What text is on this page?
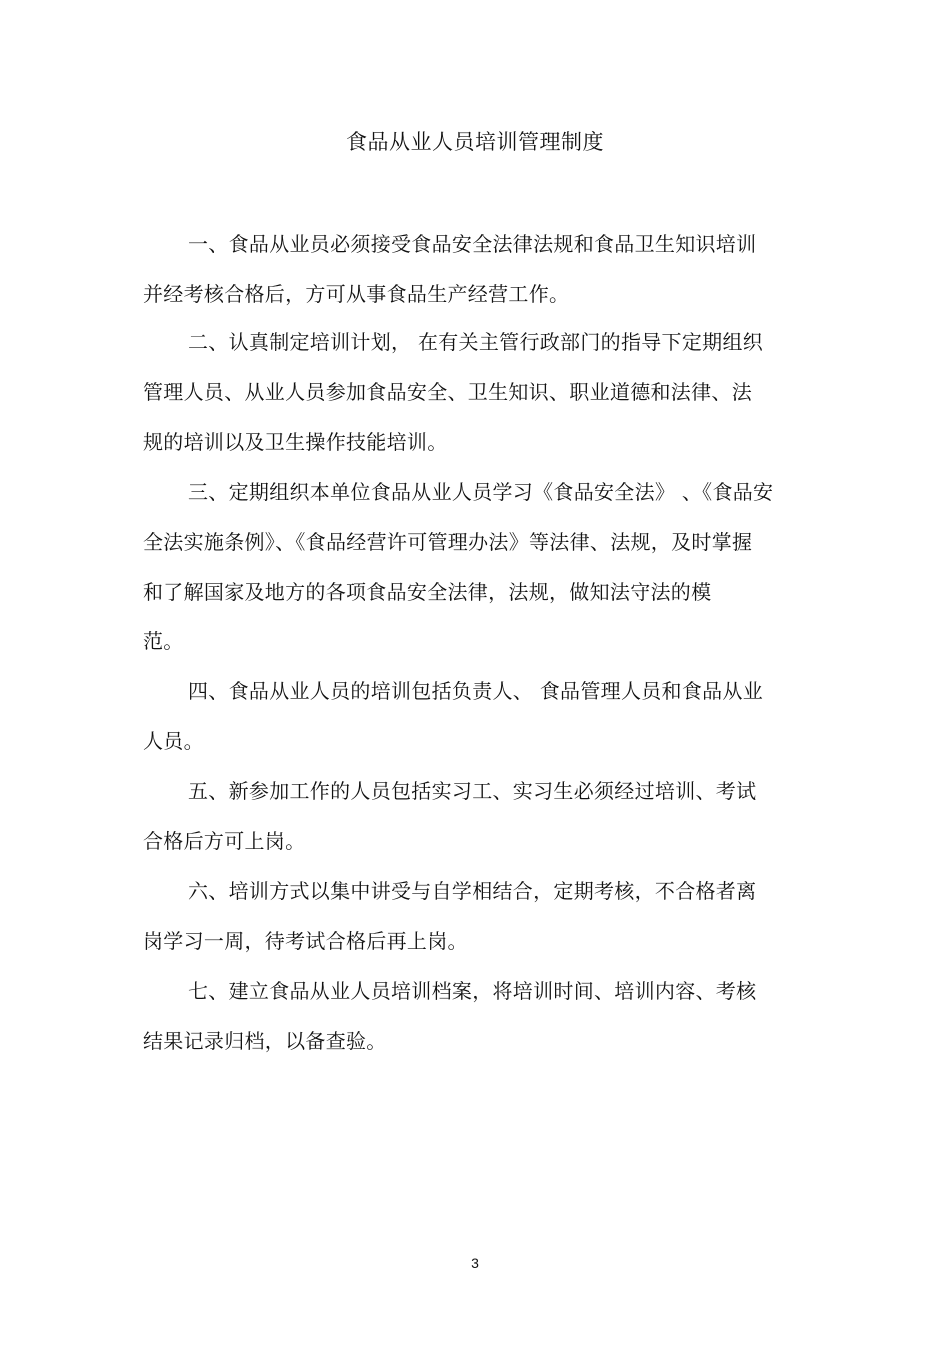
食品从业人员培训管理制度
一、食品从业员必须接受食品安全法律法规和食品卫生知识培训
并经考核合格后，方可从事食品生产经营工作。
二、认真制定培训计划， 在有关主管行政部门的指导下定期组织
管理人员、从业人员参加食品安全、卫生知识、职业道德和法律、法
规的培训以及卫生操作技能培训。
三、定期组织本单位食品从业人员学习《食品安全法》 、《食品安
全法实施条例》、《食品经营许可管理办法》等法律、法规，及时掌握
和了解国家及地方的各项食品安全法律，法规，做知法守法的模
范。
四、食品从业人员的培训包括负责人、 食品管理人员和食品从业
人员。
五、新参加工作的人员包括实习工、实习生必须经过培训、考试
合格后方可上岗。
六、培训方式以集中讲受与自学相结合，定期考核，不合格者离
岗学习一周，待考试合格后再上岗。
七、建立食品从业人员培训档案，将培训时间、培训内容、考核
结果记录归档，以备查验。
3
